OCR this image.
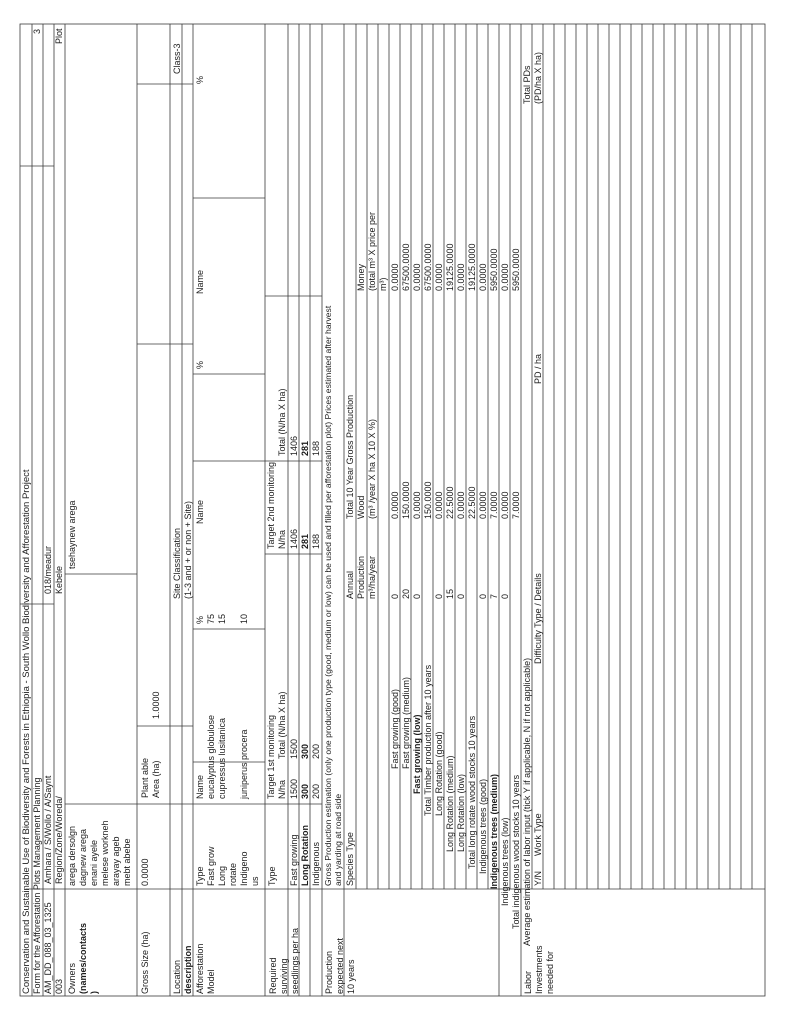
Conservation and Sustainable Use of Biodiversity and Forests in Ethiopia - South Wollo Biodiversity and Afforestation Project Form for the Afforestation Plots Management Planning
3
AM_DD_088_03_1325
Amhara / S/Wollo / A/Saynt
018/meadur
003
Region/Zone/Woreda/
Kebele
Plot
Owners (names/contacts )
arega dersolgn dagnew arega enani ayele melese workneh arayay ageb mebt abebe
tsehaynew arega
Gross Size (ha)
0.0000
Plant able Area (ha)
1.0000
Location description
Site Classification (1-3 and + or non + Site)
Class-3
Afforestation Model
Type
Name
%
Name
%
Name
%
Fast grow
eucalyptus globulose
75
Long
cupressus lusitanica
15
rotate Indigeno
juniperus procera
10
us
Required surviving seedlings per ha
Type
Target 1st monitoring N/ha
Total (N/ha X ha)
Target 2nd monitoring N/ha
Total (N/ha X ha)
Fast growing
1500
1500
1406
1406
Long Rotation
300
300
281
281
Indigenous
200
200
188
188
Production expected next 10 years
Gross Production estimation (only one production type (good, medium or low) can be used and filled per afforestation plot) Prices estimated after harvest and yarding at road side Species Type
Annual Production m³/ha/year
Total 10 Year Gross Production Wood (m³ /year X ha X 10 X %)
Money (total m³ X price per m³)
Fast growing (good)
0
0.0000
0.0000
Fast growing (medium)
20
150.0000
67500.0000
Fast growing (low)
0
0.0000
0.0000
Total Timber production after 10 years
150.0000
67500.0000
Long Rotation (good)
0
0.0000
0.0000
Long Rotation (medium)
15
22.5000
19125.0000
Long Rotation (low)
0
0.0000
0.0000
Total long rotate wood stocks 10 years
22.5000
19125.0000
Indigenous trees (good)
0
0.0000
0.0000
Indigenous trees (medium)
7
7.0000
5950.0000
Indigenous trees (low)
0
0.0000
0.0000
Total indigenous wood stocks 10 years
7.0000
5950.0000
Labor Investments needed for
Average estimation of labor input (tick Y if applicable, N if not applicable) Y/N
Work Type
Difficulty Type / Details
PD / ha
Total PDs (PD/ha X ha)
